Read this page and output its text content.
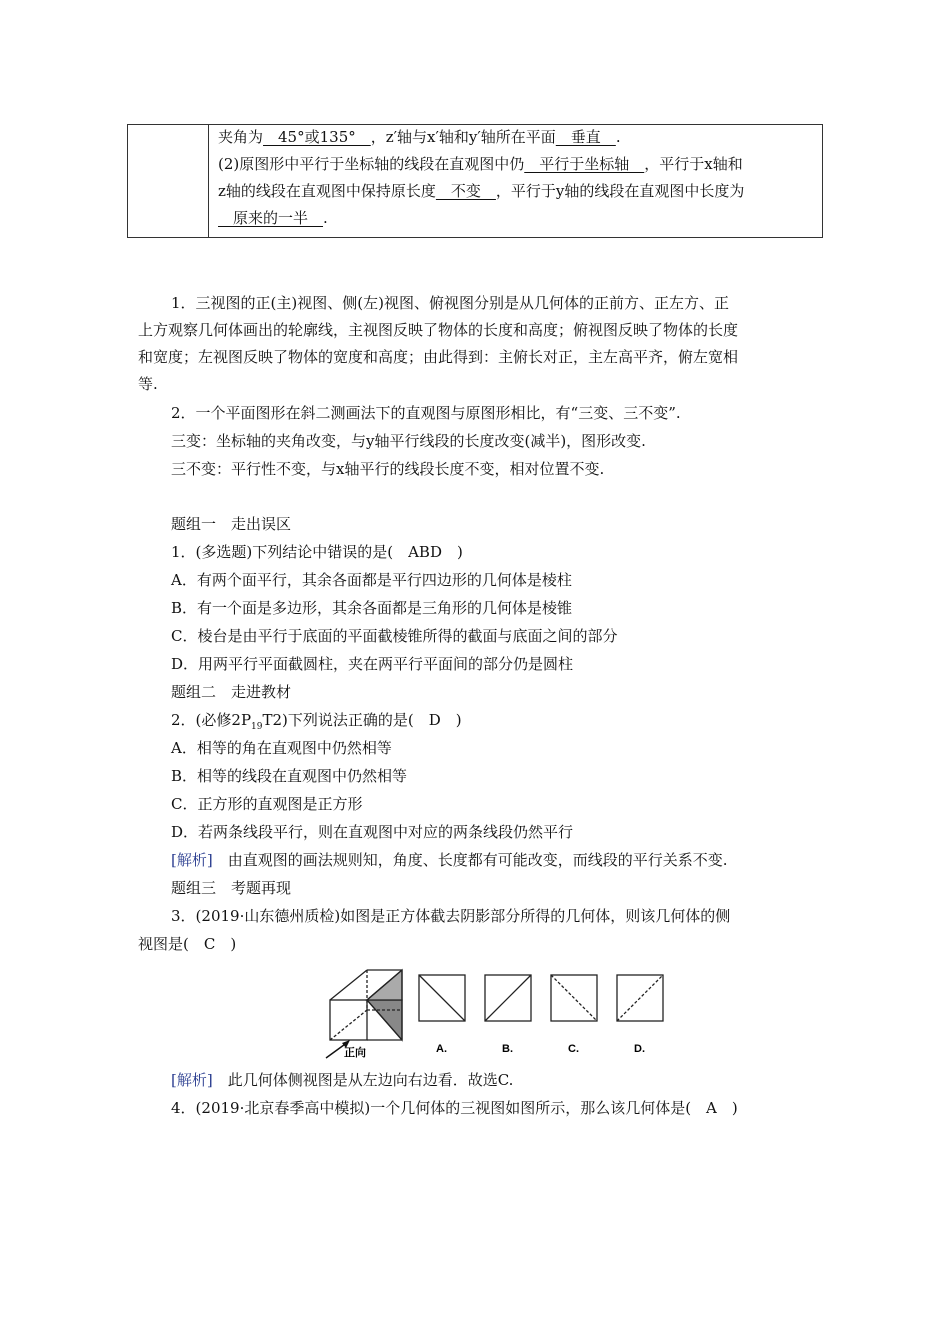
夹角为　45°或135°　，z′轴与x′轴和y′轴所在平面　垂直　.
(2)原图形中平行于坐标轴的线段在直观图中仍　平行于坐标轴　，平行于x轴和
z轴的线段在直观图中保持原长度　不变　，平行于y轴的线段在直观图中长度为
　原来的一半　.
1．三视图的正(主)视图、侧(左)视图、俯视图分别是从几何体的正前方、正左方、正
上方观察几何体画出的轮廓线，主视图反映了物体的长度和高度；俯视图反映了物体的长度
和宽度；左视图反映了物体的宽度和高度；由此得到：主俯长对正，主左高平齐，俯左宽相
等.
2．一个平面图形在斜二测画法下的直观图与原图形相比，有“三变、三不变”.
三变：坐标轴的夹角改变，与y轴平行线段的长度改变(减半)，图形改变.
三不变：平行性不变，与x轴平行的线段长度不变，相对位置不变.
题组一　走出误区
1．(多选题)下列结论中错误的是(　ABD　)
A．有两个面平行，其余各面都是平行四边形的几何体是棱柱
B．有一个面是多边形，其余各面都是三角形的几何体是棱锥
C．棱台是由平行于底面的平面截棱锥所得的截面与底面之间的部分
D．用两平行平面截圆柱，夹在两平行平面间的部分仍是圆柱
题组二　走进教材
2．(必修$2P_{19}T2$)下列说法正确的是(　D　)
A．相等的角在直观图中仍然相等
B．相等的线段在直观图中仍然相等
C．正方形的直观图是正方形
D．若两条线段平行，则在直观图中对应的两条线段仍然平行
[解析]　由直观图的画法规则知，角度、长度都有可能改变，而线段的平行关系不变.
题组三　考题再现
3．(2019·山东德州质检)如图是正方体截去阴影部分所得的几何体，则该几何体的侧
视图是(　C　)
正向	A.	B.	C.	D.
[解析]　此几何体侧视图是从左边向右边看．故选C.
4．(2019·北京春季高中模拟)一个几何体的三视图如图所示，那么该几何体是(　A　)
